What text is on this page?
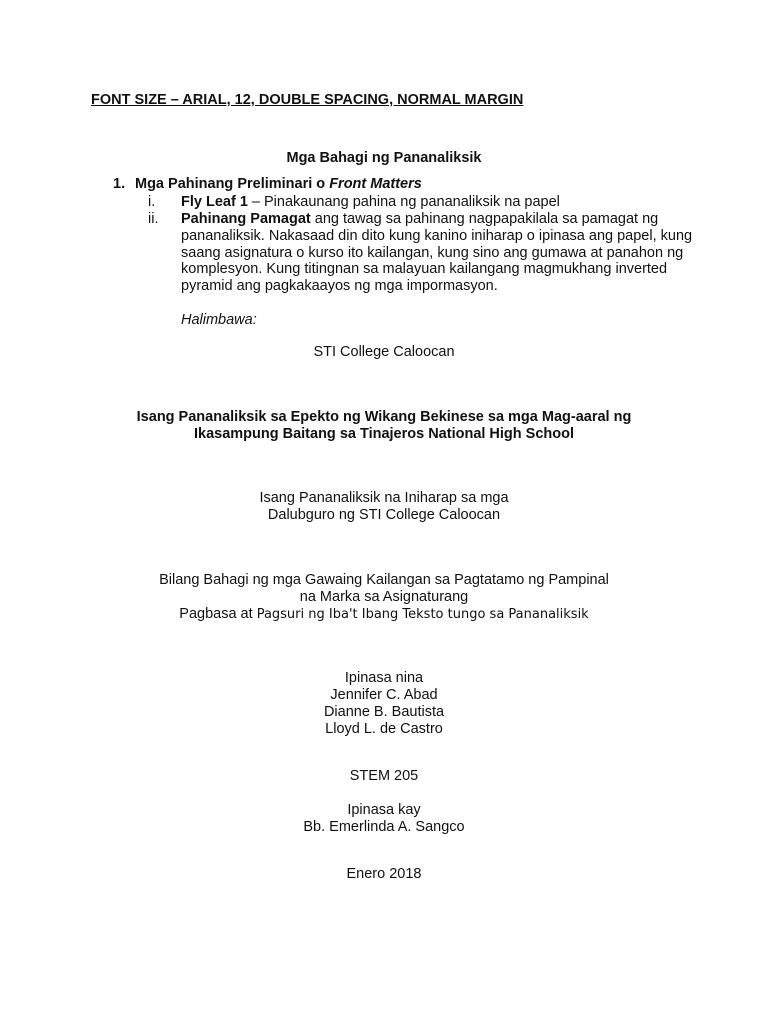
FONT SIZE – ARIAL, 12, DOUBLE SPACING, NORMAL MARGIN
Mga Bahagi ng Pananaliksik
1. Mga Pahinang Preliminari o Front Matters
i. Fly Leaf 1 – Pinakaunang pahina ng pananaliksik na papel
ii. Pahinang Pamagat ang tawag sa pahinang nagpapakilala sa pamagat ng
pananaliksik. Nakasaad din dito kung kanino iniharap o ipinasa ang papel, kung saang asignatura o kurso ito kailangan, kung sino ang gumawa at panahon ng komplesyon. Kung titingnan sa malayuan kailangang magmukhang inverted pyramid ang pagkakaayos ng mga impormasyon.
Halimbawa:
STI College Caloocan
Isang Pananaliksik sa Epekto ng Wikang Bekinese sa mga Mag-aaral ng
Ikasampung Baitang sa Tinajeros National High School
Isang Pananaliksik na Iniharap sa mga
Dalubguro ng STI College Caloocan
Bilang Bahagi ng mga Gawaing Kailangan sa Pagtatamo ng Pampinal
na Marka sa Asignaturang
Pagbasa at Pagsuri ng Iba't Ibang Teksto tungo sa Pananaliksik
Ipinasa nina
Jennifer C. Abad
Dianne B. Bautista
Lloyd L. de Castro
STEM 205
Ipinasa kay
Bb. Emerlinda A. Sangco
Enero 2018
